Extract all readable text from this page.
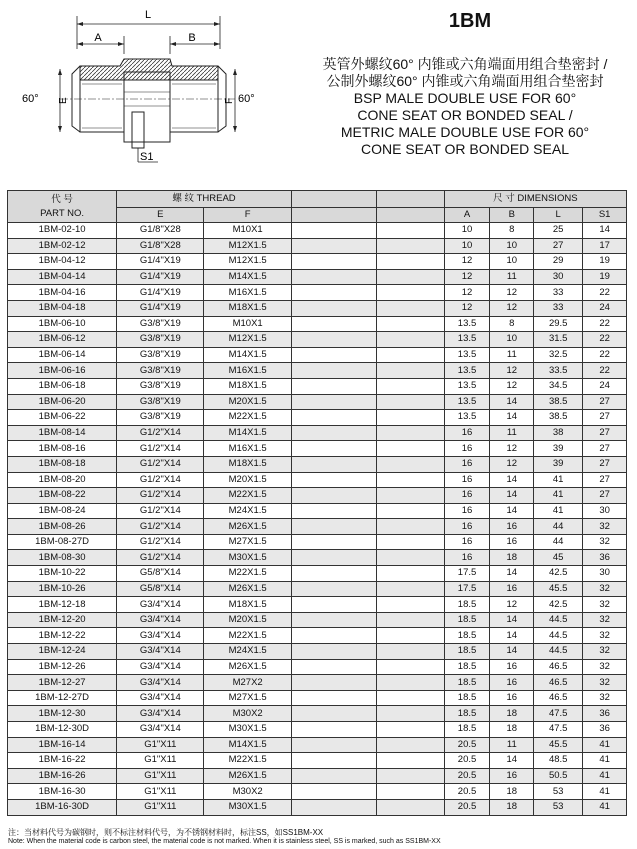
L
A	B
E	F
60°	60°
S1
1BM
英管外螺纹60° 内锥或六角端面用组合垫密封 /
公制外螺纹60° 内锥或六角端面用组合垫密封
BSP MALE DOUBLE USE FOR 60°
CONE SEAT OR BONDED SEAL /
METRIC MALE DOUBLE USE FOR 60°
CONE SEAT OR BONDED SEAL
代 号
PART NO.	螺 纹 THREAD				尺 寸 DIMENSIONS			
	E	F			A	B	L	S1
1BM-02-10	G1/8"X28	M10X1			10	8	25	14
1BM-02-12	G1/8"X28	M12X1.5			10	10	27	17
1BM-04-12	G1/4"X19	M12X1.5			12	10	29	19
1BM-04-14	G1/4"X19	M14X1.5			12	11	30	19
1BM-04-16	G1/4"X19	M16X1.5			12	12	33	22
1BM-04-18	G1/4"X19	M18X1.5			12	12	33	24
1BM-06-10	G3/8"X19	M10X1			13.5	8	29.5	22
1BM-06-12	G3/8"X19	M12X1.5			13.5	10	31.5	22
1BM-06-14	G3/8"X19	M14X1.5			13.5	11	32.5	22
1BM-06-16	G3/8"X19	M16X1.5			13.5	12	33.5	22
1BM-06-18	G3/8"X19	M18X1.5			13.5	12	34.5	24
1BM-06-20	G3/8"X19	M20X1.5			13.5	14	38.5	27
1BM-06-22	G3/8"X19	M22X1.5			13.5	14	38.5	27
1BM-08-14	G1/2"X14	M14X1.5			16	11	38	27
1BM-08-16	G1/2"X14	M16X1.5			16	12	39	27
1BM-08-18	G1/2"X14	M18X1.5			16	12	39	27
1BM-08-20	G1/2"X14	M20X1.5			16	14	41	27
1BM-08-22	G1/2"X14	M22X1.5			16	14	41	27
1BM-08-24	G1/2"X14	M24X1.5			16	14	41	30
1BM-08-26	G1/2"X14	M26X1.5			16	16	44	32
1BM-08-27D	G1/2"X14	M27X1.5			16	16	44	32
1BM-08-30	G1/2"X14	M30X1.5			16	18	45	36
1BM-10-22	G5/8"X14	M22X1.5			17.5	14	42.5	30
1BM-10-26	G5/8"X14	M26X1.5			17.5	16	45.5	32
1BM-12-18	G3/4"X14	M18X1.5			18.5	12	42.5	32
1BM-12-20	G3/4"X14	M20X1.5			18.5	14	44.5	32
1BM-12-22	G3/4"X14	M22X1.5			18.5	14	44.5	32
1BM-12-24	G3/4"X14	M24X1.5			18.5	14	44.5	32
1BM-12-26	G3/4"X14	M26X1.5			18.5	16	46.5	32
1BM-12-27	G3/4"X14	M27X2			18.5	16	46.5	32
1BM-12-27D	G3/4"X14	M27X1.5			18.5	16	46.5	32
1BM-12-30	G3/4"X14	M30X2			18.5	18	47.5	36
1BM-12-30D	G3/4"X14	M30X1.5			18.5	18	47.5	36
1BM-16-14	G1"X11	M14X1.5			20.5	11	45.5	41
1BM-16-22	G1"X11	M22X1.5			20.5	14	48.5	41
1BM-16-26	G1"X11	M26X1.5			20.5	16	50.5	41
1BM-16-30	G1"X11	M30X2			20.5	18	53	41
1BM-16-30D	G1"X11	M30X1.5			20.5	18	53	41
注：当材料代号为碳钢时，则不标注材料代号，为不锈钢材料时，标注SS，如SS1BM-XX
Note: When the material code is carbon steel, the material code is not marked. When it is stainless steel, SS is marked, such as SS1BM-XX
